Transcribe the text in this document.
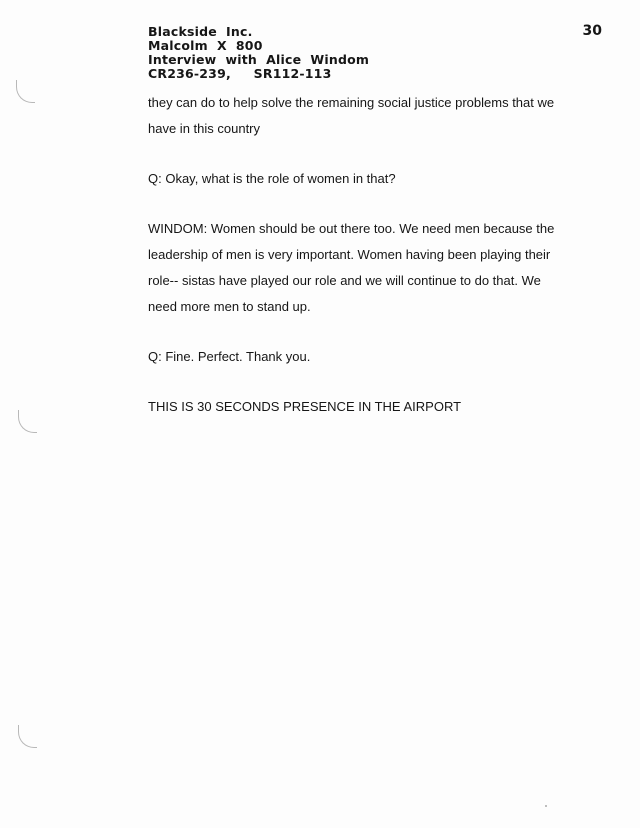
Blackside  Inc.
Malcolm  X  800
Interview  with  Alice  Windom
CR236-239,     SR112-113
30

they can do to help solve the remaining social justice problems that we
have in this country

Q: Okay, what is the role of women in that?

WINDOM: Women should be out there too. We need men because the
leadership of men is very important. Women having been playing their
role-- sistas have played our role and we will continue to do that. We
need more men to stand up.

Q: Fine. Perfect. Thank you.

THIS IS 30 SECONDS PRESENCE IN THE AIRPORT
